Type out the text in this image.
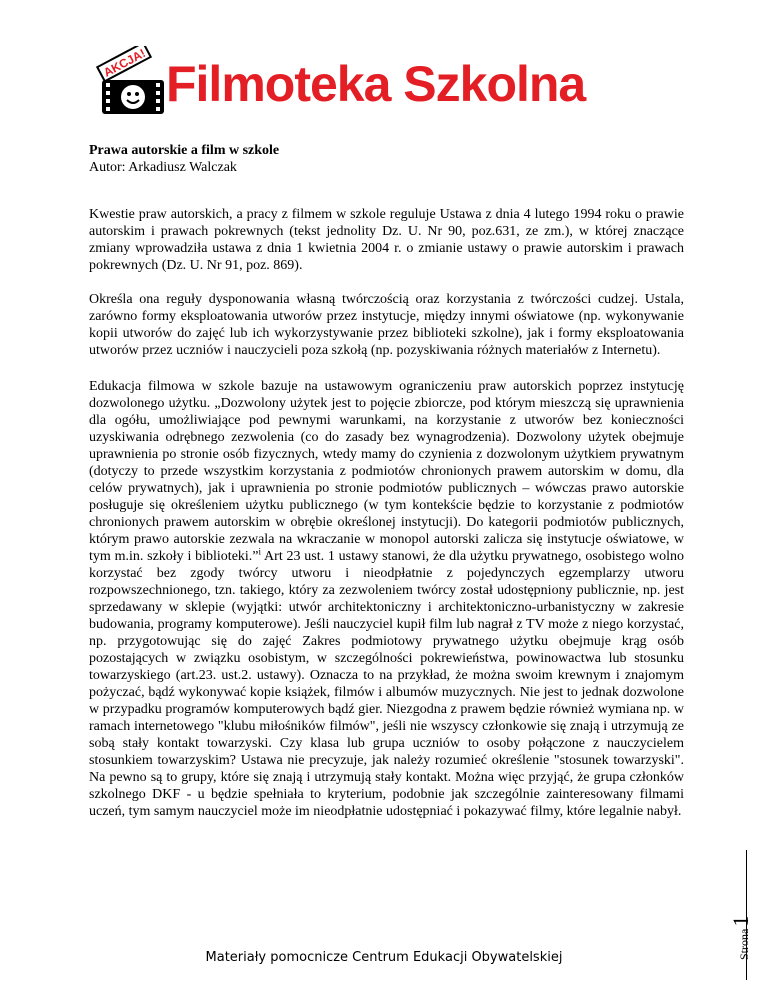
AKCJA! Filmoteka Szkolna
Prawa autorskie a film w szkole
Autor: Arkadiusz Walczak

Kwestie praw autorskich, a pracy z filmem w szkole reguluje Ustawa z dnia 4 lutego 1994 roku o prawie autorskim i prawach pokrewnych (tekst jednolity Dz. U. Nr 90, poz.631, ze zm.), w której znaczące zmiany wprowadziła ustawa z dnia 1 kwietnia 2004 r. o zmianie ustawy o prawie autorskim i prawach pokrewnych (Dz. U. Nr 91, poz. 869).

Określa ona reguły dysponowania własną twórczością oraz korzystania z twórczości cudzej. Ustala, zarówno formy eksploatowania utworów przez instytucje, między innymi oświatowe (np. wykonywanie kopii utworów do zajęć lub ich wykorzystywanie przez biblioteki szkolne), jak i formy eksploatowania utworów przez uczniów i nauczycieli poza szkołą (np. pozyskiwania różnych materiałów z Internetu).

Edukacja filmowa w szkole bazuje na ustawowym ograniczeniu praw autorskich poprzez instytucję dozwolonego użytku. „Dozwolony użytek jest to pojęcie zbiorcze, pod którym mieszczą się uprawnienia dla ogółu, umożliwiające pod pewnymi warunkami, na korzystanie z utworów bez konieczności uzyskiwania odrębnego zezwolenia (co do zasady bez wynagrodzenia). Dozwolony użytek obejmuje uprawnienia po stronie osób fizycznych, wtedy mamy do czynienia z dozwolonym użytkiem prywatnym (dotyczy to przede wszystkim korzystania z podmiotów chronionych prawem autorskim w domu, dla celów prywatnych), jak i uprawnienia po stronie podmiotów publicznych – wówczas prawo autorskie posługuje się określeniem użytku publicznego (w tym kontekście będzie to korzystanie z podmiotów chronionych prawem autorskim w obrębie określonej instytucji). Do kategorii podmiotów publicznych, którym prawo autorskie zezwala na wkraczanie w monopol autorski zalicza się instytucje oświatowe, w tym m.in. szkoły i biblioteki.”$^i$ Art 23 ust. 1 ustawy stanowi, że dla użytku prywatnego, osobistego wolno korzystać bez zgody twórcy utworu i nieodpłatnie z pojedynczych egzemplarzy utworu rozpowszechnionego, tzn. takiego, który za zezwoleniem twórcy został udostępniony publicznie, np. jest sprzedawany w sklepie (wyjątki: utwór architektoniczny i architektoniczno-urbanistyczny w zakresie budowania, programy komputerowe). Jeśli nauczyciel kupił film lub nagrał z TV może z niego korzystać, np. przygotowując się do zajęć Zakres podmiotowy prywatnego użytku obejmuje krąg osób pozostających w związku osobistym, w szczególności pokrewieństwa, powinowactwa lub stosunku towarzyskiego (art.23. ust.2. ustawy). Oznacza to na przykład, że można swoim krewnym i znajomym pożyczać, bądź wykonywać kopie książek, filmów i albumów muzycznych. Nie jest to jednak dozwolone w przypadku programów komputerowych bądź gier. Niezgodna z prawem będzie również wymiana np. w ramach internetowego "klubu miłośników filmów", jeśli nie wszyscy członkowie się znają i utrzymują ze sobą stały kontakt towarzyski. Czy klasa lub grupa uczniów to osoby połączone z nauczycielem stosunkiem towarzyskim? Ustawa nie precyzuje, jak należy rozumieć określenie "stosunek towarzyski". Na pewno są to grupy, które się znają i utrzymują stały kontakt. Można więc przyjąć, że grupa członków szkolnego DKF - u będzie spełniała to kryterium, podobnie jak szczególnie zainteresowany filmami uczeń, tym samym nauczyciel może im nieodpłatnie udostępniać i pokazywać filmy, które legalnie nabył.

Materiały pomocnicze Centrum Edukacji Obywatelskiej	Strona1
